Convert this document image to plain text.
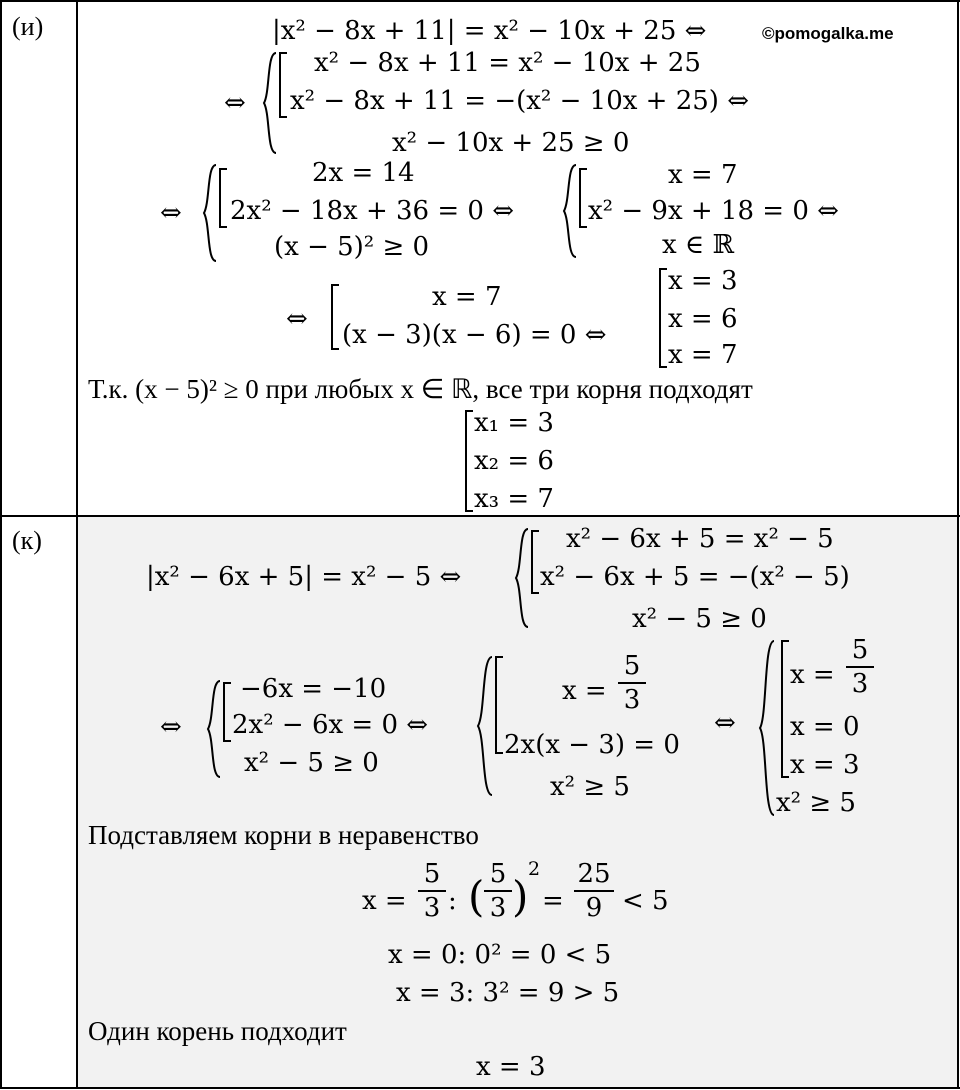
(и)	©pomogalka.me
|x² − 8x + 11| = x² − 10x + 25 ⇔
⇔
x² − 8x + 11 = x² − 10x + 25
x² − 8x + 11 = −(x² − 10x + 25) ⇔
x² − 10x + 25 ≥ 0
⇔
2x = 14
2x² − 18x + 36 = 0 ⇔
(x − 5)² ≥ 0
x = 7
x² − 9x + 18 = 0 ⇔
x ∈ ℝ
⇔
x = 7
(x − 3)(x − 6) = 0 ⇔
x = 3
x = 6
x = 7
Т.к. (x − 5)² ≥ 0 при любых x ∈ ℝ, все три корня подходят
x₁ = 3
x₂ = 6
x₃ = 7
(к)
|x² − 6x + 5| = x² − 5 ⇔
x² − 6x + 5 = x² − 5
x² − 6x + 5 = −(x² − 5)
x² − 5 ≥ 0
⇔
−6x = −10
2x² − 6x = 0 ⇔
x² − 5 ≥ 0
x =
5
3
2x(x − 3) = 0
x² ≥ 5
⇔
x =
5
3
x = 0
x = 3
x² ≥ 5
Подставляем корни в неравенство
x =
5
3 : ( 5
3 )
2
=
25
9 < 5
x = 0: 0² = 0 < 5
x = 3: 3² = 9 > 5
Один корень подходит
x = 3
